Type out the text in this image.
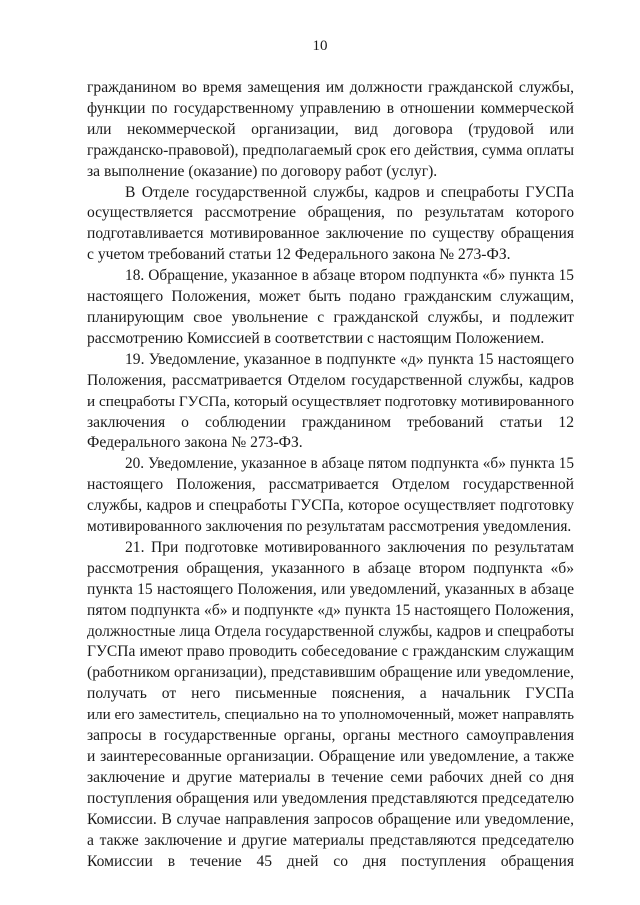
10

гражданином во время замещения им должности гражданской службы,
функции по государственному управлению в отношении коммерческой
или некоммерческой организации, вид договора (трудовой или
гражданско-правовой), предполагаемый срок его действия, сумма оплаты
за выполнение (оказание) по договору работ (услуг).

В Отделе государственной службы, кадров и спецработы ГУСПа
осуществляется рассмотрение обращения, по результатам которого
подготавливается мотивированное заключение по существу обращения
с учетом требований статьи 12 Федерального закона № 273-ФЗ.

18. Обращение, указанное в абзаце втором подпункта «б» пункта 15
настоящего Положения, может быть подано гражданским служащим,
планирующим свое увольнение с гражданской службы, и подлежит
рассмотрению Комиссией в соответствии с настоящим Положением.

19. Уведомление, указанное в подпункте «д» пункта 15 настоящего
Положения, рассматривается Отделом государственной службы, кадров
и спецработы ГУСПа, который осуществляет подготовку мотивированного
заключения о соблюдении гражданином требований статьи 12
Федерального закона № 273-ФЗ.

20. Уведомление, указанное в абзаце пятом подпункта «б» пункта 15
настоящего Положения, рассматривается Отделом государственной
службы, кадров и спецработы ГУСПа, которое осуществляет подготовку
мотивированного заключения по результатам рассмотрения уведомления.

21. При подготовке мотивированного заключения по результатам
рассмотрения обращения, указанного в абзаце втором подпункта «б»
пункта 15 настоящего Положения, или уведомлений, указанных в абзаце
пятом подпункта «б» и подпункте «д» пункта 15 настоящего Положения,
должностные лица Отдела государственной службы, кадров и спецработы
ГУСПа имеют право проводить собеседование с гражданским служащим
(работником организации), представившим обращение или уведомление,
получать от него письменные пояснения, а начальник ГУСПа
или его заместитель, специально на то уполномоченный, может направлять
запросы в государственные органы, органы местного самоуправления
и заинтересованные организации. Обращение или уведомление, а также
заключение и другие материалы в течение семи рабочих дней со дня
поступления обращения или уведомления представляются председателю
Комиссии. В случае направления запросов обращение или уведомление,
а также заключение и другие материалы представляются председателю
Комиссии в течение 45 дней со дня поступления обращения
